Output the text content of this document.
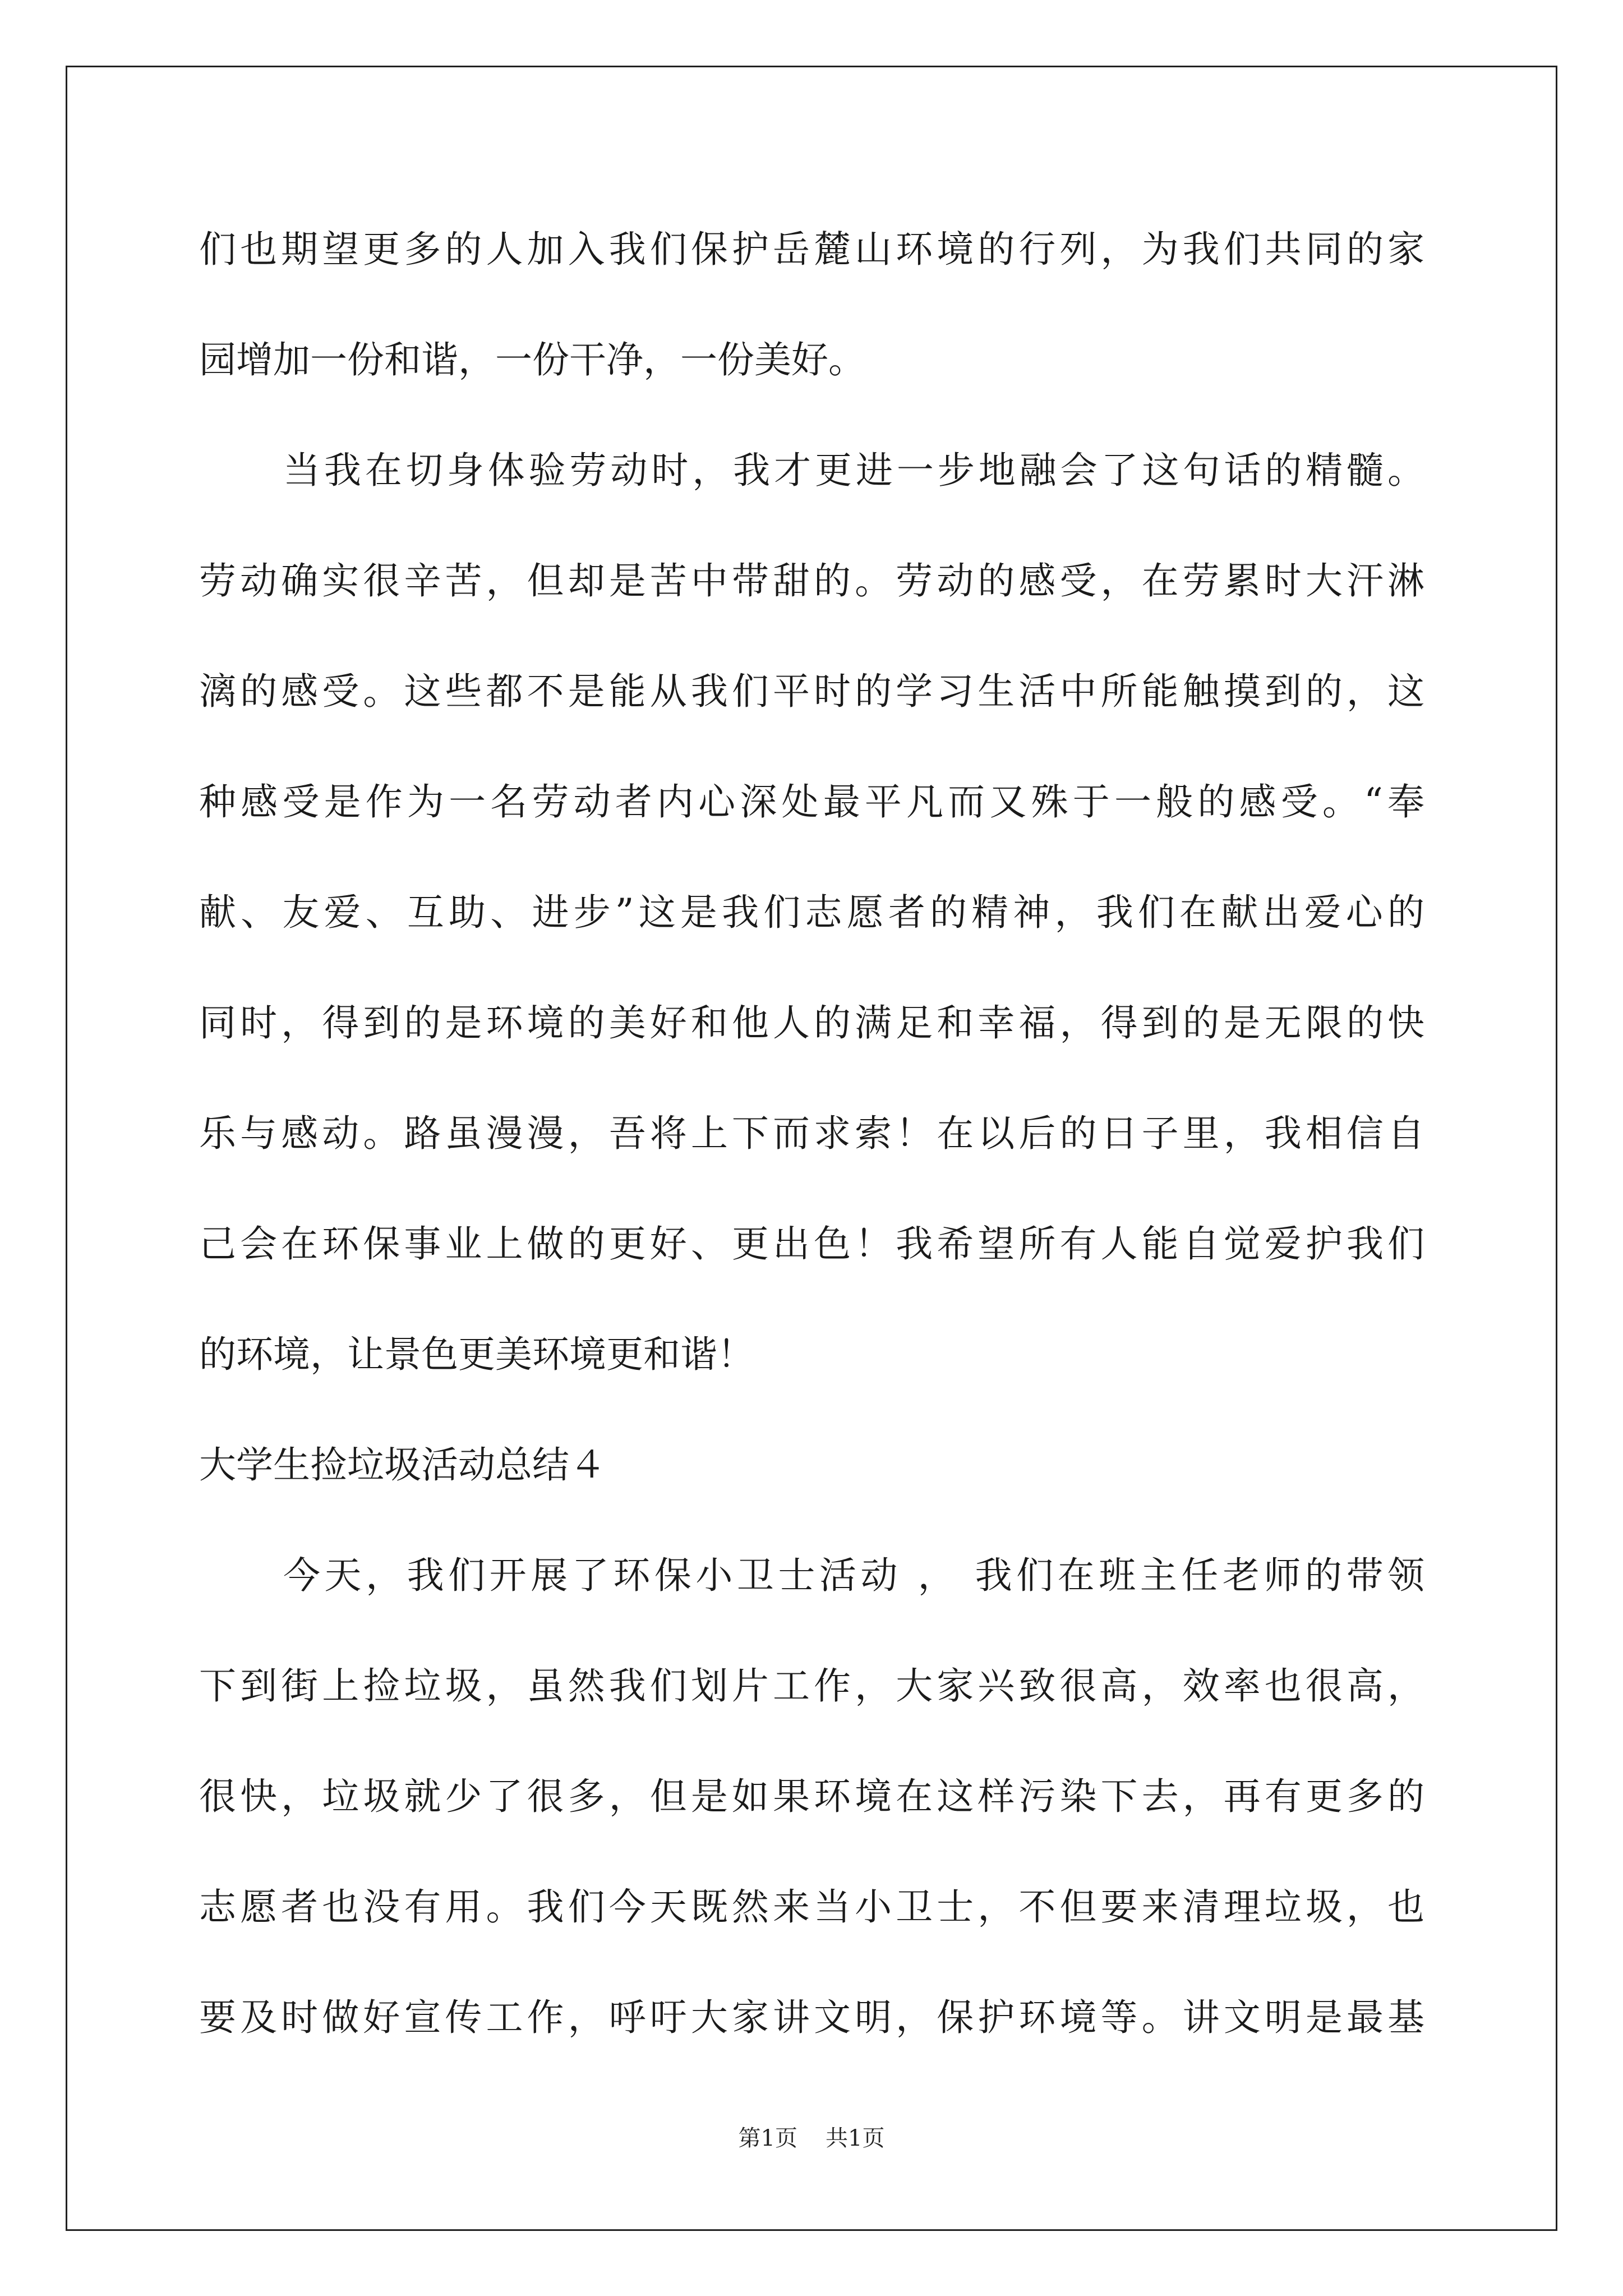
们也期望更多的人加入我们保护岳麓山环境的行列，为我们共同的家
园增加一份和谐，一份干净，一份美好。
当我在切身体验劳动时，我才更进一步地融会了这句话的精髓。
劳动确实很辛苦，但却是苦中带甜的。劳动的感受，在劳累时大汗淋
漓的感受。这些都不是能从我们平时的学习生活中所能触摸到的，这
种感受是作为一名劳动者内心深处最平凡而又殊于一般的感受。“奉
献、友爱、互助、进步”这是我们志愿者的精神，我们在献出爱心的
同时，得到的是环境的美好和他人的满足和幸福，得到的是无限的快
乐与感动。路虽漫漫，吾将上下而求索！在以后的日子里，我相信自
己会在环保事业上做的更好、更出色！我希望所有人能自觉爱护我们
的环境，让景色更美环境更和谐！
大学生捡垃圾活动总结４
今天，我们开展了环保小卫士活动 ， 我们在班主任老师的带领
下到街上捡垃圾，虽然我们划片工作，大家兴致很高，效率也很高，
很快，垃圾就少了很多，但是如果环境在这样污染下去，再有更多的
志愿者也没有用。我们今天既然来当小卫士，不但要来清理垃圾，也
要及时做好宣传工作，呼吁大家讲文明，保护环境等。讲文明是最基
第1页 共1页
